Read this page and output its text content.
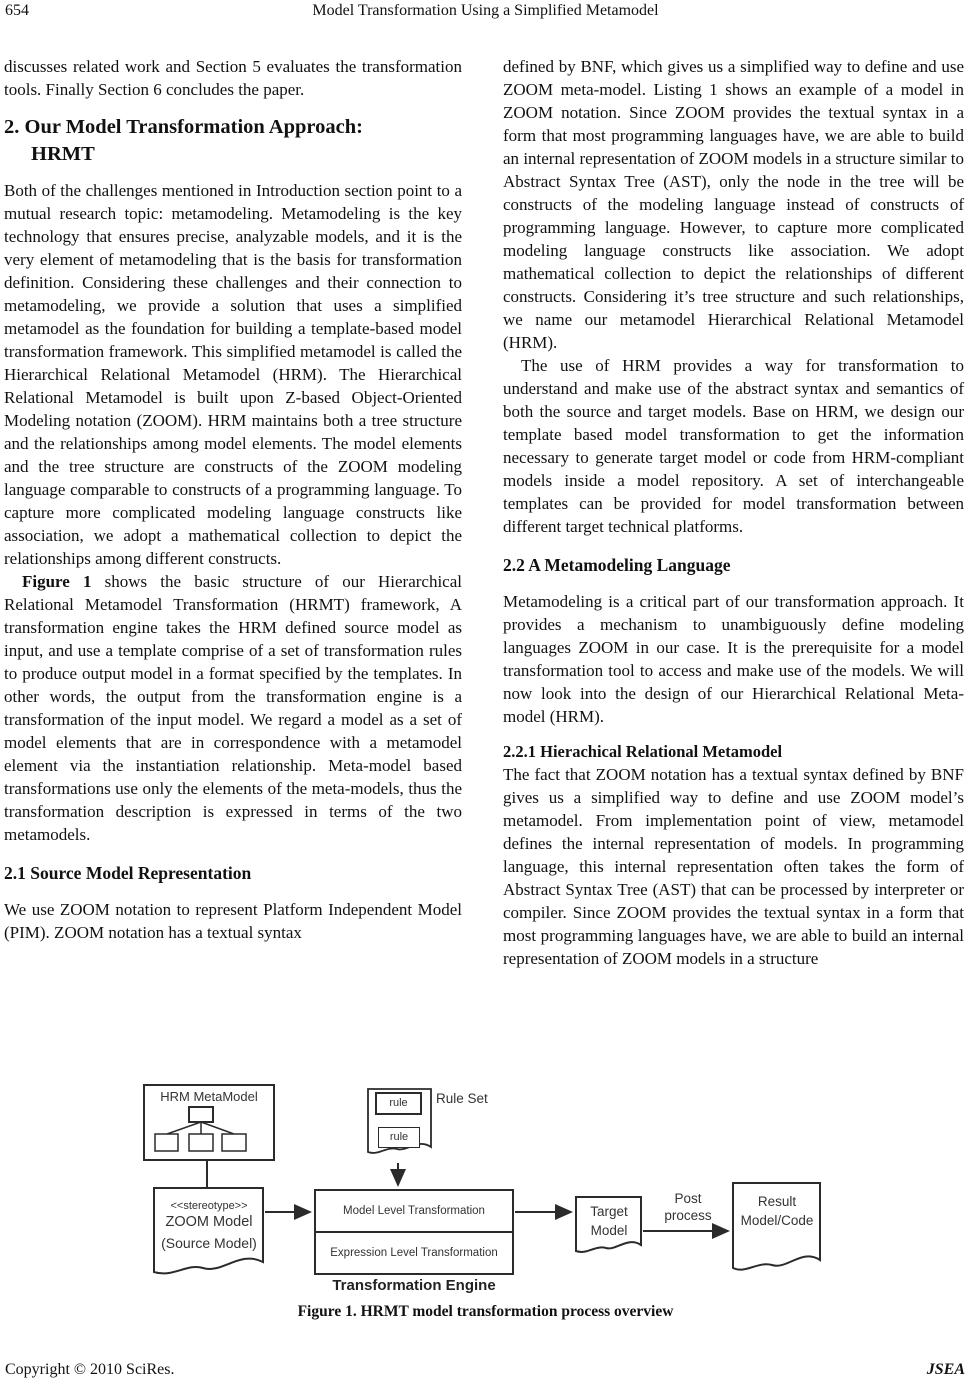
654	Model Transformation Using a Simplified Metamodel

discusses related work and Section 5 evaluates the transformation tools. Finally Section 6 concludes the paper.

2. Our Model Transformation Approach:
HRMT

Both of the challenges mentioned in Introduction section point to a mutual research topic: metamodeling. Metamodeling is the key technology that ensures precise, analyzable models, and it is the very element of metamodeling that is the basis for transformation definition. Considering these challenges and their connection to metamodeling, we provide a solution that uses a simplified metamodel as the foundation for building a template-based model transformation framework. This simplified metamodel is called the Hierarchical Relational Metamodel (HRM). The Hierarchical Relational Metamodel is built upon Z-based Object-Oriented Modeling notation (ZOOM). HRM maintains both a tree structure and the relationships among model elements. The model elements and the tree structure are constructs of the ZOOM modeling language comparable to constructs of a programming language. To capture more complicated modeling language constructs like association, we adopt a mathematical collection to depict the relationships among different constructs.

Figure 1 shows the basic structure of our Hierarchical Relational Metamodel Transformation (HRMT) framework, A transformation engine takes the HRM defined source model as input, and use a template comprise of a set of transformation rules to produce output model in a format specified by the templates. In other words, the output from the transformation engine is a transformation of the input model. We regard a model as a set of model elements that are in correspondence with a metamodel element via the instantiation relationship. Meta-model based transformations use only the elements of the meta-models, thus the transformation description is expressed in terms of the two metamodels.

2.1 Source Model Representation

We use ZOOM notation to represent Platform Independent Model (PIM). ZOOM notation has a textual syntax

defined by BNF, which gives us a simplified way to define and use ZOOM meta-model. Listing 1 shows an example of a model in ZOOM notation. Since ZOOM provides the textual syntax in a form that most programming languages have, we are able to build an internal representation of ZOOM models in a structure similar to Abstract Syntax Tree (AST), only the node in the tree will be constructs of the modeling language instead of constructs of programming language. However, to capture more complicated modeling language constructs like association. We adopt mathematical collection to depict the relationships of different constructs. Considering it’s tree structure and such relationships, we name our metamodel Hierarchical Relational Metamodel (HRM).

The use of HRM provides a way for transformation to understand and make use of the abstract syntax and semantics of both the source and target models. Base on HRM, we design our template based model transformation to get the information necessary to generate target model or code from HRM-compliant models inside a model repository. A set of interchangeable templates can be provided for model transformation between different target technical platforms.

2.2 A Metamodeling Language

Metamodeling is a critical part of our transformation approach. It provides a mechanism to unambiguously define modeling languages ZOOM in our case. It is the prerequisite for a model transformation tool to access and make use of the models. We will now look into the design of our Hierarchical Relational Meta-model (HRM).

2.2.1 Hierachical Relational Metamodel

The fact that ZOOM notation has a textual syntax defined by BNF gives us a simplified way to define and use ZOOM model’s metamodel. From implementation point of view, metamodel defines the internal representation of models. In programming language, this internal representation often takes the form of Abstract Syntax Tree (AST) that can be processed by interpreter or compiler. Since ZOOM provides the textual syntax in a form that most programming languages have, we are able to build an internal representation of ZOOM models in a structure

HRM MetaModel	rule
rule
Rule Set
<<stereotype>>
ZOOM Model
(Source Model)
Model Level Transformation
Expression Level Transformation
Transformation Engine
Target
Model
Post
process
Result
Model/Code
Figure 1. HRMT model transformation process overview
Copyright © 2010 SciRes.	JSEA
